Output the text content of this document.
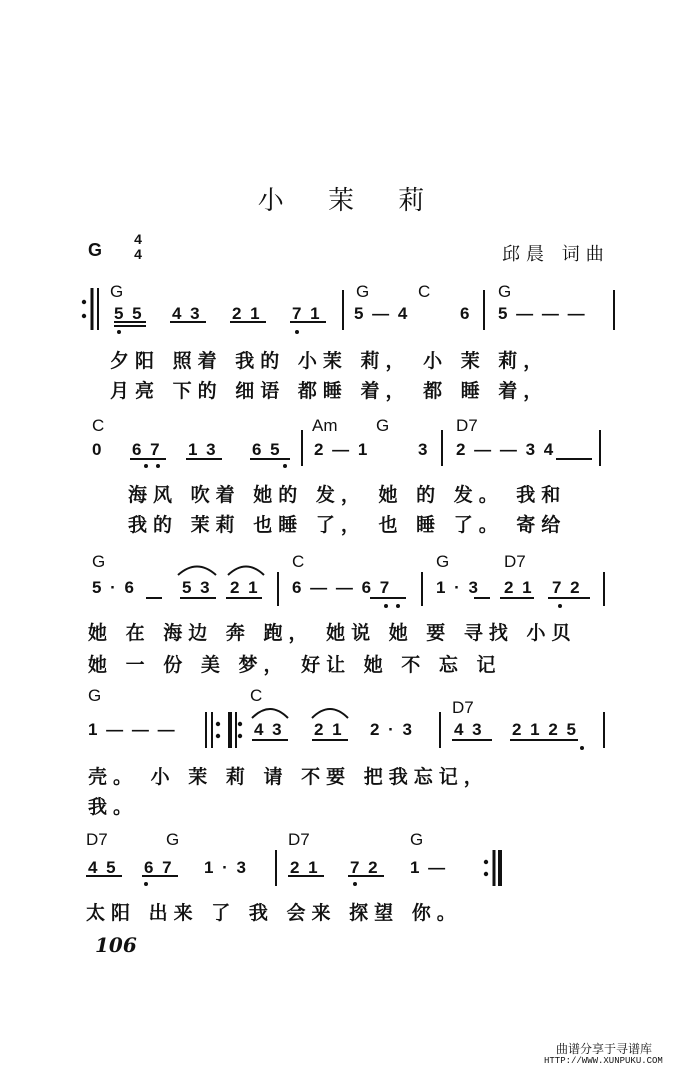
小 茉 莉
G
4
4	邱晨 词曲
G	G	C	G
5 5 4 3 2 1 7 1 5 — 4	6 5 — — —
夕阳 照着 我的 小茉 莉， 小 茉 莉，
月亮 下的 细语 都睡 着， 都 睡 着，
C	Am G	D7
0 6 7 1 3 6 5 2 — 1	3 2 — — 3 4
海风 吹着 她的 发， 她 的 发。 我和
我的 茉莉 也睡 了， 也 睡 了。 寄给
G	C	G	D7
5 · 6	5 3 2 1 6 — — 6 7	1 · 3 2 1 7 2
她 在 海边 奔 跑， 她说 她 要 寻找 小贝
她 一 份 美 梦， 好让 她 不 忘 记
G	C
D7
1 — — —	4 3 2 1 2 · 3 4 3 2 1 2 5
壳。 小 茉 莉 请 不要 把我忘记，
我。
D7	G	D7	G
4 5 6 7 1 · 3 2 1 7 2 1 —
太阳 出来 了 我 会来 探望 你。
106
曲谱分享于寻谱库
HTTP://WWW.XUNPUKU.COM
